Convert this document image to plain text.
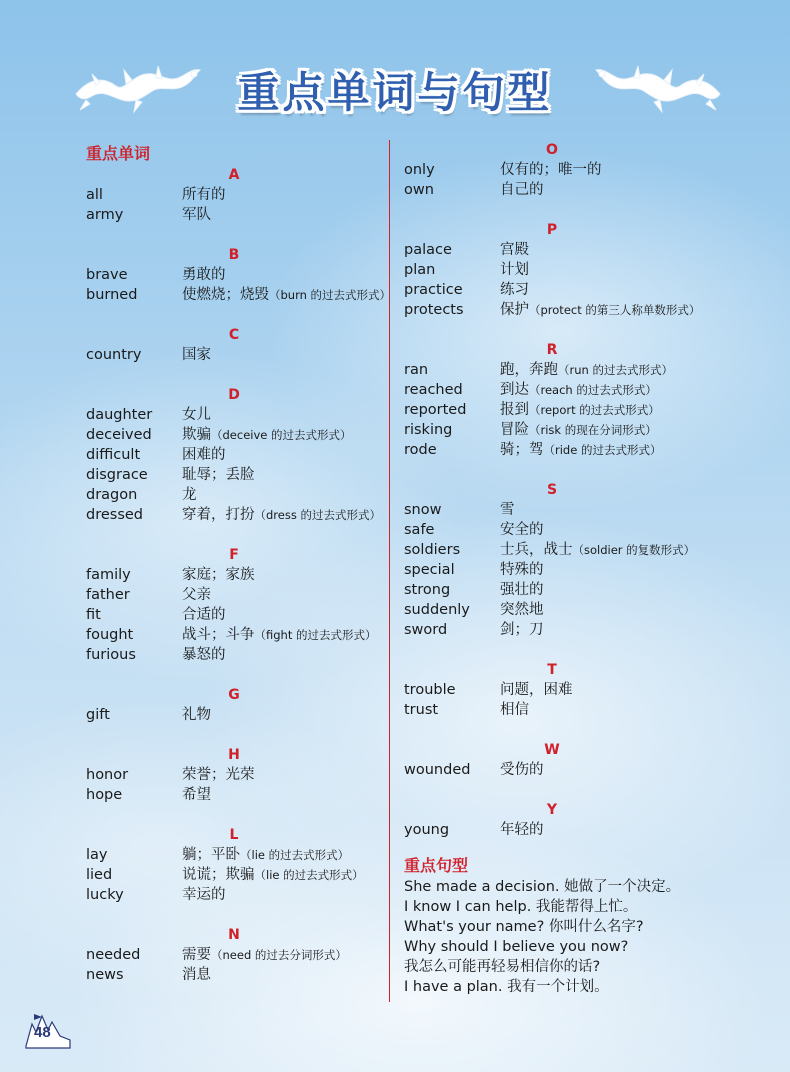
重点单词与句型
重点单词
A
all	所有的
army	军队
B
brave	勇敢的
burned	使燃烧；烧毁（burn 的过去式形式）
C
country	国家
D
daughter 女儿
deceived 欺骗（deceive 的过去式形式）
difficult	困难的
disgrace 耻辱；丢脸
dragon	龙
dressed	穿着，打扮（dress 的过去式形式）
F
family	家庭；家族
father	父亲
fit	合适的
fought	战斗；斗争（fight 的过去式形式）
furious	暴怒的
G
gift	礼物
H
honor	荣誉；光荣
hope	希望
L
lay	躺；平卧（lie 的过去式形式）
lied	说谎；欺骗（lie 的过去式形式）
lucky	幸运的
N
needed	需要（need 的过去分词形式）
news	消息
O
only	仅有的；唯一的
own	自己的
P
palace	宫殿
plan	计划
practice	练习
protects	保护（protect 的第三人称单数形式）
R
ran	跑，奔跑（run 的过去式形式）
reached	到达（reach 的过去式形式）
reported 报到（report 的过去式形式）
risking	冒险（risk 的现在分词形式）
rode	骑；驾（ride 的过去式形式）
S
snow	雪
safe	安全的
soldiers	士兵，战士（soldier 的复数形式）
special	特殊的
strong	强壮的
suddenly 突然地
sword	剑；刀
T
trouble	问题，困难
trust	相信
W
wounded 受伤的
Y
young	年轻的
重点句型
She made a decision. 她做了一个决定。
I know I can help. 我能帮得上忙。
What's your name? 你叫什么名字?
Why should I believe you now?
我怎么可能再轻易相信你的话?
I have a plan. 我有一个计划。
48
